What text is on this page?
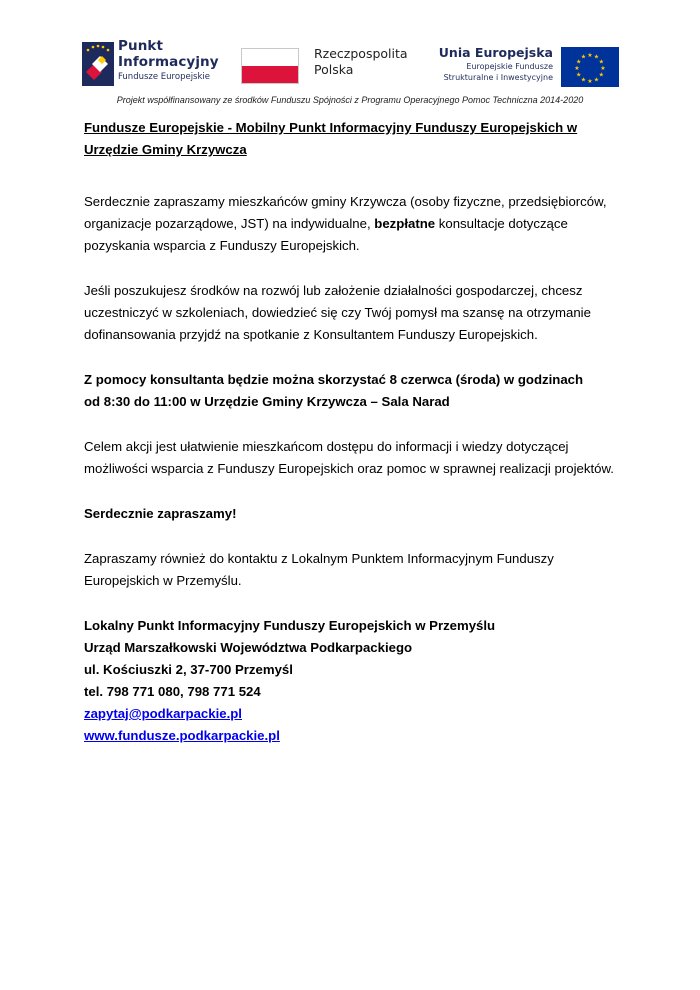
Punkt
Informacyjny
Fundusze Europejskie
Rzeczpospolita
Polska
Unia Europejska
Europejskie Fundusze
Strukturalne i Inwestycyjne
★ ★
★
★
★
★
★
★
★
★
★
★
Projekt współfinansowany ze środków Funduszu Spójności z Programu Operacyjnego Pomoc Techniczna 2014-2020

Fundusze Europejskie - Mobilny Punkt Informacyjny Funduszy Europejskich w
Urzędzie Gminy Krzywcza

Serdecznie zapraszamy mieszkańców gminy Krzywcza (osoby fizyczne, przedsiębiorców,
organizacje pozarządowe, JST) na indywidualne, bezpłatne konsultacje dotyczące
pozyskania wsparcia z Funduszy Europejskich.

Jeśli poszukujesz środków na rozwój lub założenie działalności gospodarczej, chcesz
uczestniczyć w szkoleniach, dowiedzieć się czy Twój pomysł ma szansę na otrzymanie
dofinansowania przyjdź na spotkanie z Konsultantem Funduszy Europejskich.

Z pomocy konsultanta będzie można skorzystać 8 czerwca (środa) w godzinach
od 8:30 do 11:00 w Urzędzie Gminy Krzywcza – Sala Narad

Celem akcji jest ułatwienie mieszkańcom dostępu do informacji i wiedzy dotyczącej
możliwości wsparcia z Funduszy Europejskich oraz pomoc w sprawnej realizacji projektów.

Serdecznie zapraszamy!

Zapraszamy również do kontaktu z Lokalnym Punktem Informacyjnym Funduszy
Europejskich w Przemyślu.

Lokalny Punkt Informacyjny Funduszy Europejskich w Przemyślu
Urząd Marszałkowski Województwa Podkarpackiego
ul. Kościuszki 2, 37-700 Przemyśl
tel. 798 771 080, 798 771 524
zapytaj@podkarpackie.pl
www.fundusze.podkarpackie.pl
